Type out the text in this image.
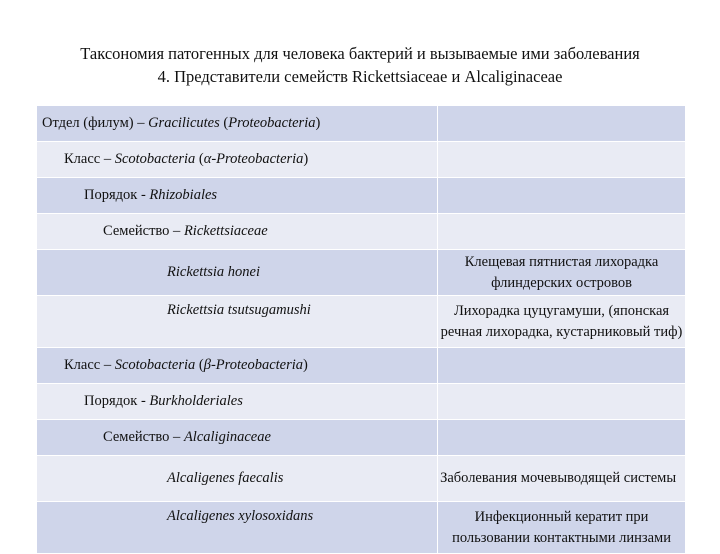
Таксономия патогенных для человека бактерий и вызываемые ими заболевания
4. Представители семейств Rickettsiaceae и Alcaliginaceae
Отдел (филум) – Gracilicutes (Proteobacteria)	
Класс – Scotobacteria (α-Proteobacteria)	
Порядок - Rhizobiales	
Семейство – Rickettsiaceae	
Rickettsia honei	Клещевая пятнистая лихорадка флиндерских островов
Rickettsia tsutsugamushi	Лихорадка цуцугамуши, (японская речная лихорадка, кустарниковый тиф)
Класс – Scotobacteria (β-Proteobacteria)	
Порядок - Burkholderiales	
Семейство – Alcaliginaceae	
Alcaligenes faecalis	Заболевания мочевыводящей системы
Alcaligenes xylosoxidans	Инфекционный кератит при пользовании контактными линзами
